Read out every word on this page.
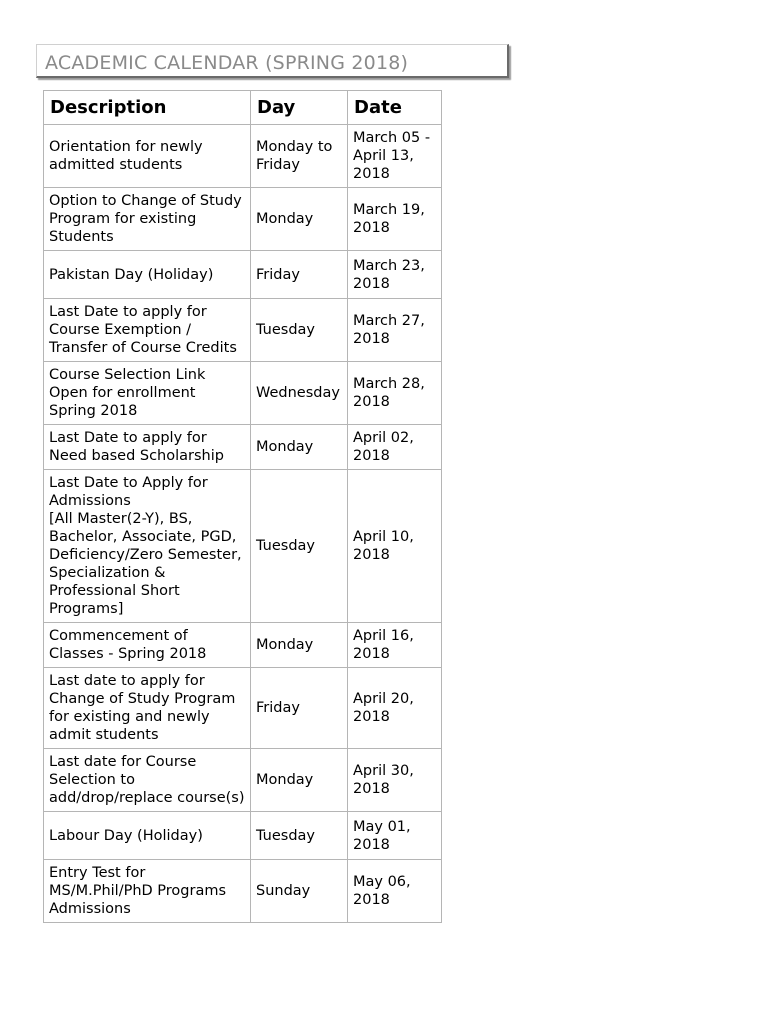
ACADEMIC CALENDAR (SPRING 2018)
Description	Day	Date
Orientation for newly admitted students	Monday to Friday	March 05 - April 13, 2018
Option to Change of Study Program for existing Students	Monday	March 19, 2018
Pakistan Day (Holiday)	Friday	March 23, 2018
Last Date to apply for Course Exemption / Transfer of Course Credits	Tuesday	March 27, 2018
Course Selection Link Open for enrollment Spring 2018	Wednesday	March 28, 2018
Last Date to apply for Need based Scholarship	Monday	April 02, 2018
Last Date to Apply for Admissions
[All Master(2-Y), BS, Bachelor, Associate, PGD, Deficiency/Zero Semester, Specialization & Professional Short Programs]	Tuesday	April 10, 2018
Commencement of Classes - Spring 2018	Monday	April 16, 2018
Last date to apply for Change of Study Program for existing and newly admit students	Friday	April 20, 2018
Last date for Course Selection to add/drop/replace course(s)	Monday	April 30, 2018
Labour Day (Holiday)	Tuesday	May 01, 2018
Entry Test for MS/M.Phil/PhD Programs Admissions	Sunday	May 06, 2018
